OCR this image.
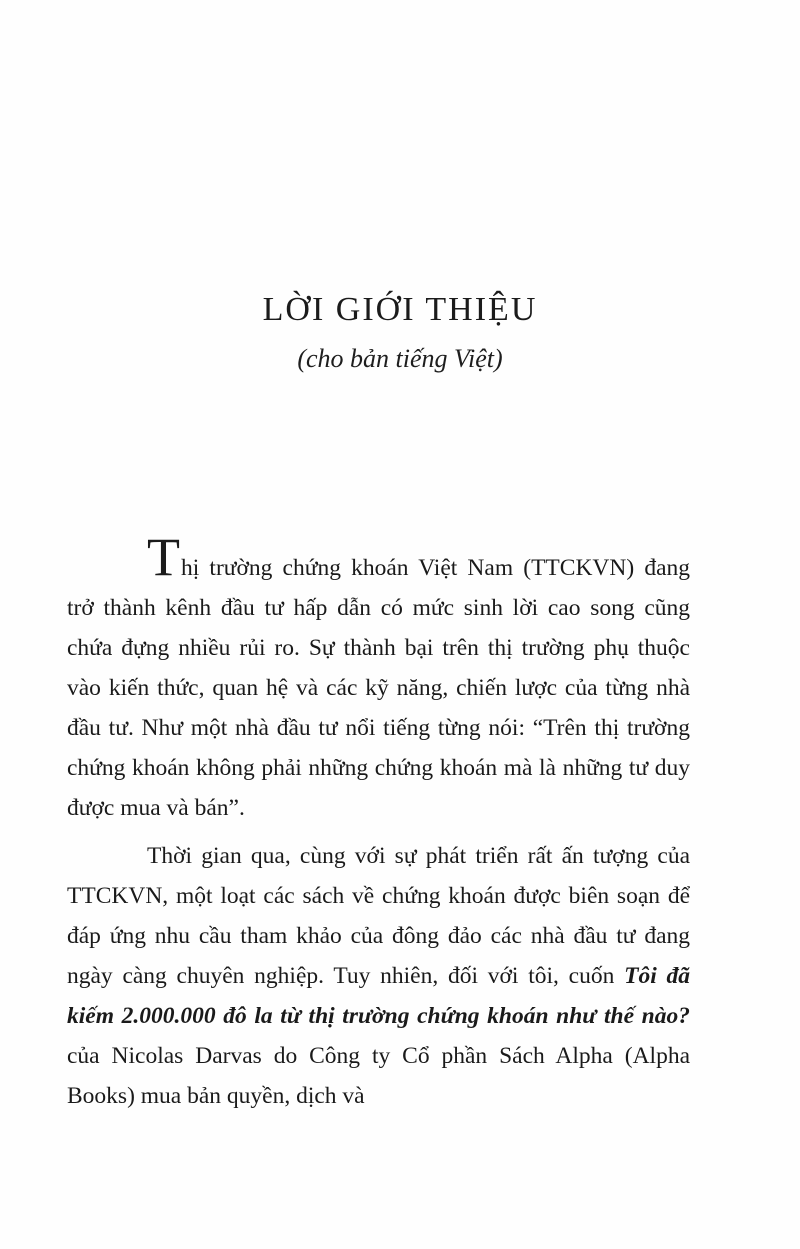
LỜI GIỚI THIỆU
(cho bản tiếng Việt)

Thị trường chứng khoán Việt Nam (TTCKVN) đang trở thành kênh đầu tư hấp dẫn có mức sinh lời cao song cũng chứa đựng nhiều rủi ro. Sự thành bại trên thị trường phụ thuộc vào kiến thức, quan hệ và các kỹ năng, chiến lược của từng nhà đầu tư. Như một nhà đầu tư nổi tiếng từng nói: “Trên thị trường chứng khoán không phải những chứng khoán mà là những tư duy được mua và bán”.

Thời gian qua, cùng với sự phát triển rất ấn tượng của TTCKVN, một loạt các sách về chứng khoán được biên soạn để đáp ứng nhu cầu tham khảo của đông đảo các nhà đầu tư đang ngày càng chuyên nghiệp. Tuy nhiên, đối với tôi, cuốn Tôi đã kiếm 2.000.000 đô la từ thị trường chứng khoán như thế nào? của Nicolas Darvas do Công ty Cổ phần Sách Alpha (Alpha Books) mua bản quyền, dịch và
